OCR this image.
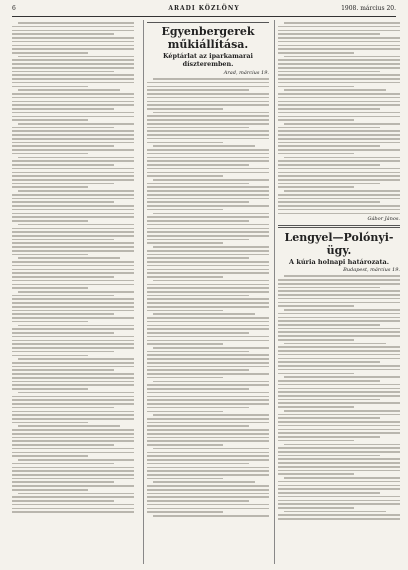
6	ARADI KÖZLÖNY	1908. március 20.
Egyenbergerek műkiállítása.
Képtárlat az iparkamarai díszteremben.
Arad, március 19.
Gábor János.
Lengyel—Polónyi-ügy.
A kúria holnapi határozata.
Budapest, március 19.
